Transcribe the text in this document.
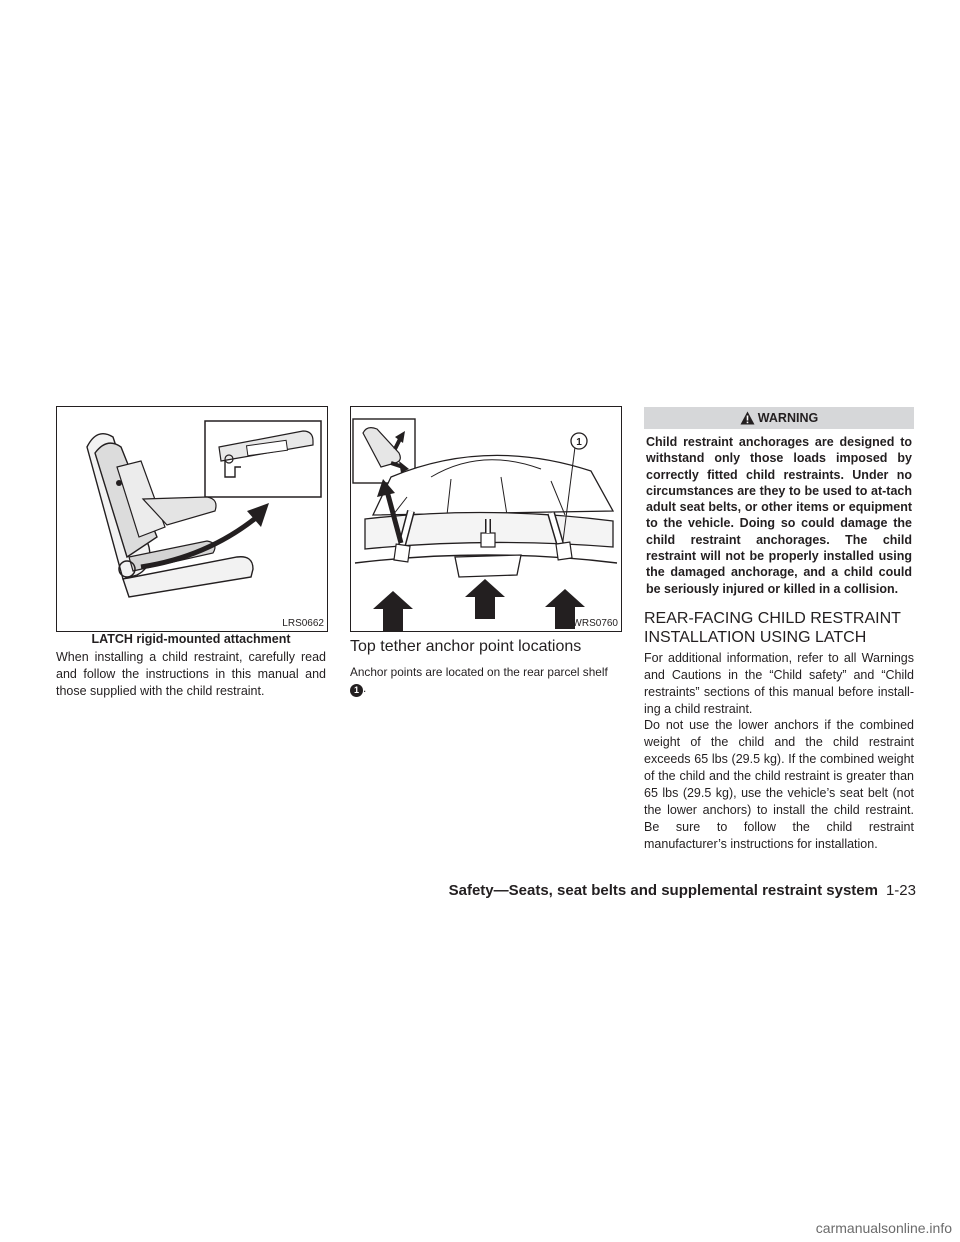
LRS0662
LATCH rigid-mounted attachment

When installing a child restraint, carefully read and follow the instructions in this manual and those supplied with the child restraint.

1
WRS0760
Top tether anchor point locations

Anchor points are located on the rear parcel shelf
1 .

WARNING

Child restraint anchorages are designed to withstand only those loads imposed by correctly fitted child restraints. Under no circumstances are they to be used to at-tach adult seat belts, or other items or equipment to the vehicle. Doing so could damage the child restraint anchorages. The child restraint will not be properly installed using the damaged anchorage, and a child could be seriously injured or killed in a collision.

REAR-FACING CHILD RESTRAINT
INSTALLATION USING LATCH

For additional information, refer to all Warnings and Cautions in the “Child safety” and “Child restraints” sections of this manual before install-ing a child restraint.

Do not use the lower anchors if the combined weight of the child and the child restraint exceeds 65 lbs (29.5 kg). If the combined weight of the child and the child restraint is greater than 65 lbs (29.5 kg), use the vehicle’s seat belt (not the lower anchors) to install the child restraint. Be sure to follow the child restraint manufacturer’s instructions for installation.

Safety—Seats, seat belts and supplemental restraint system 1-23
carmanualsonline.info
